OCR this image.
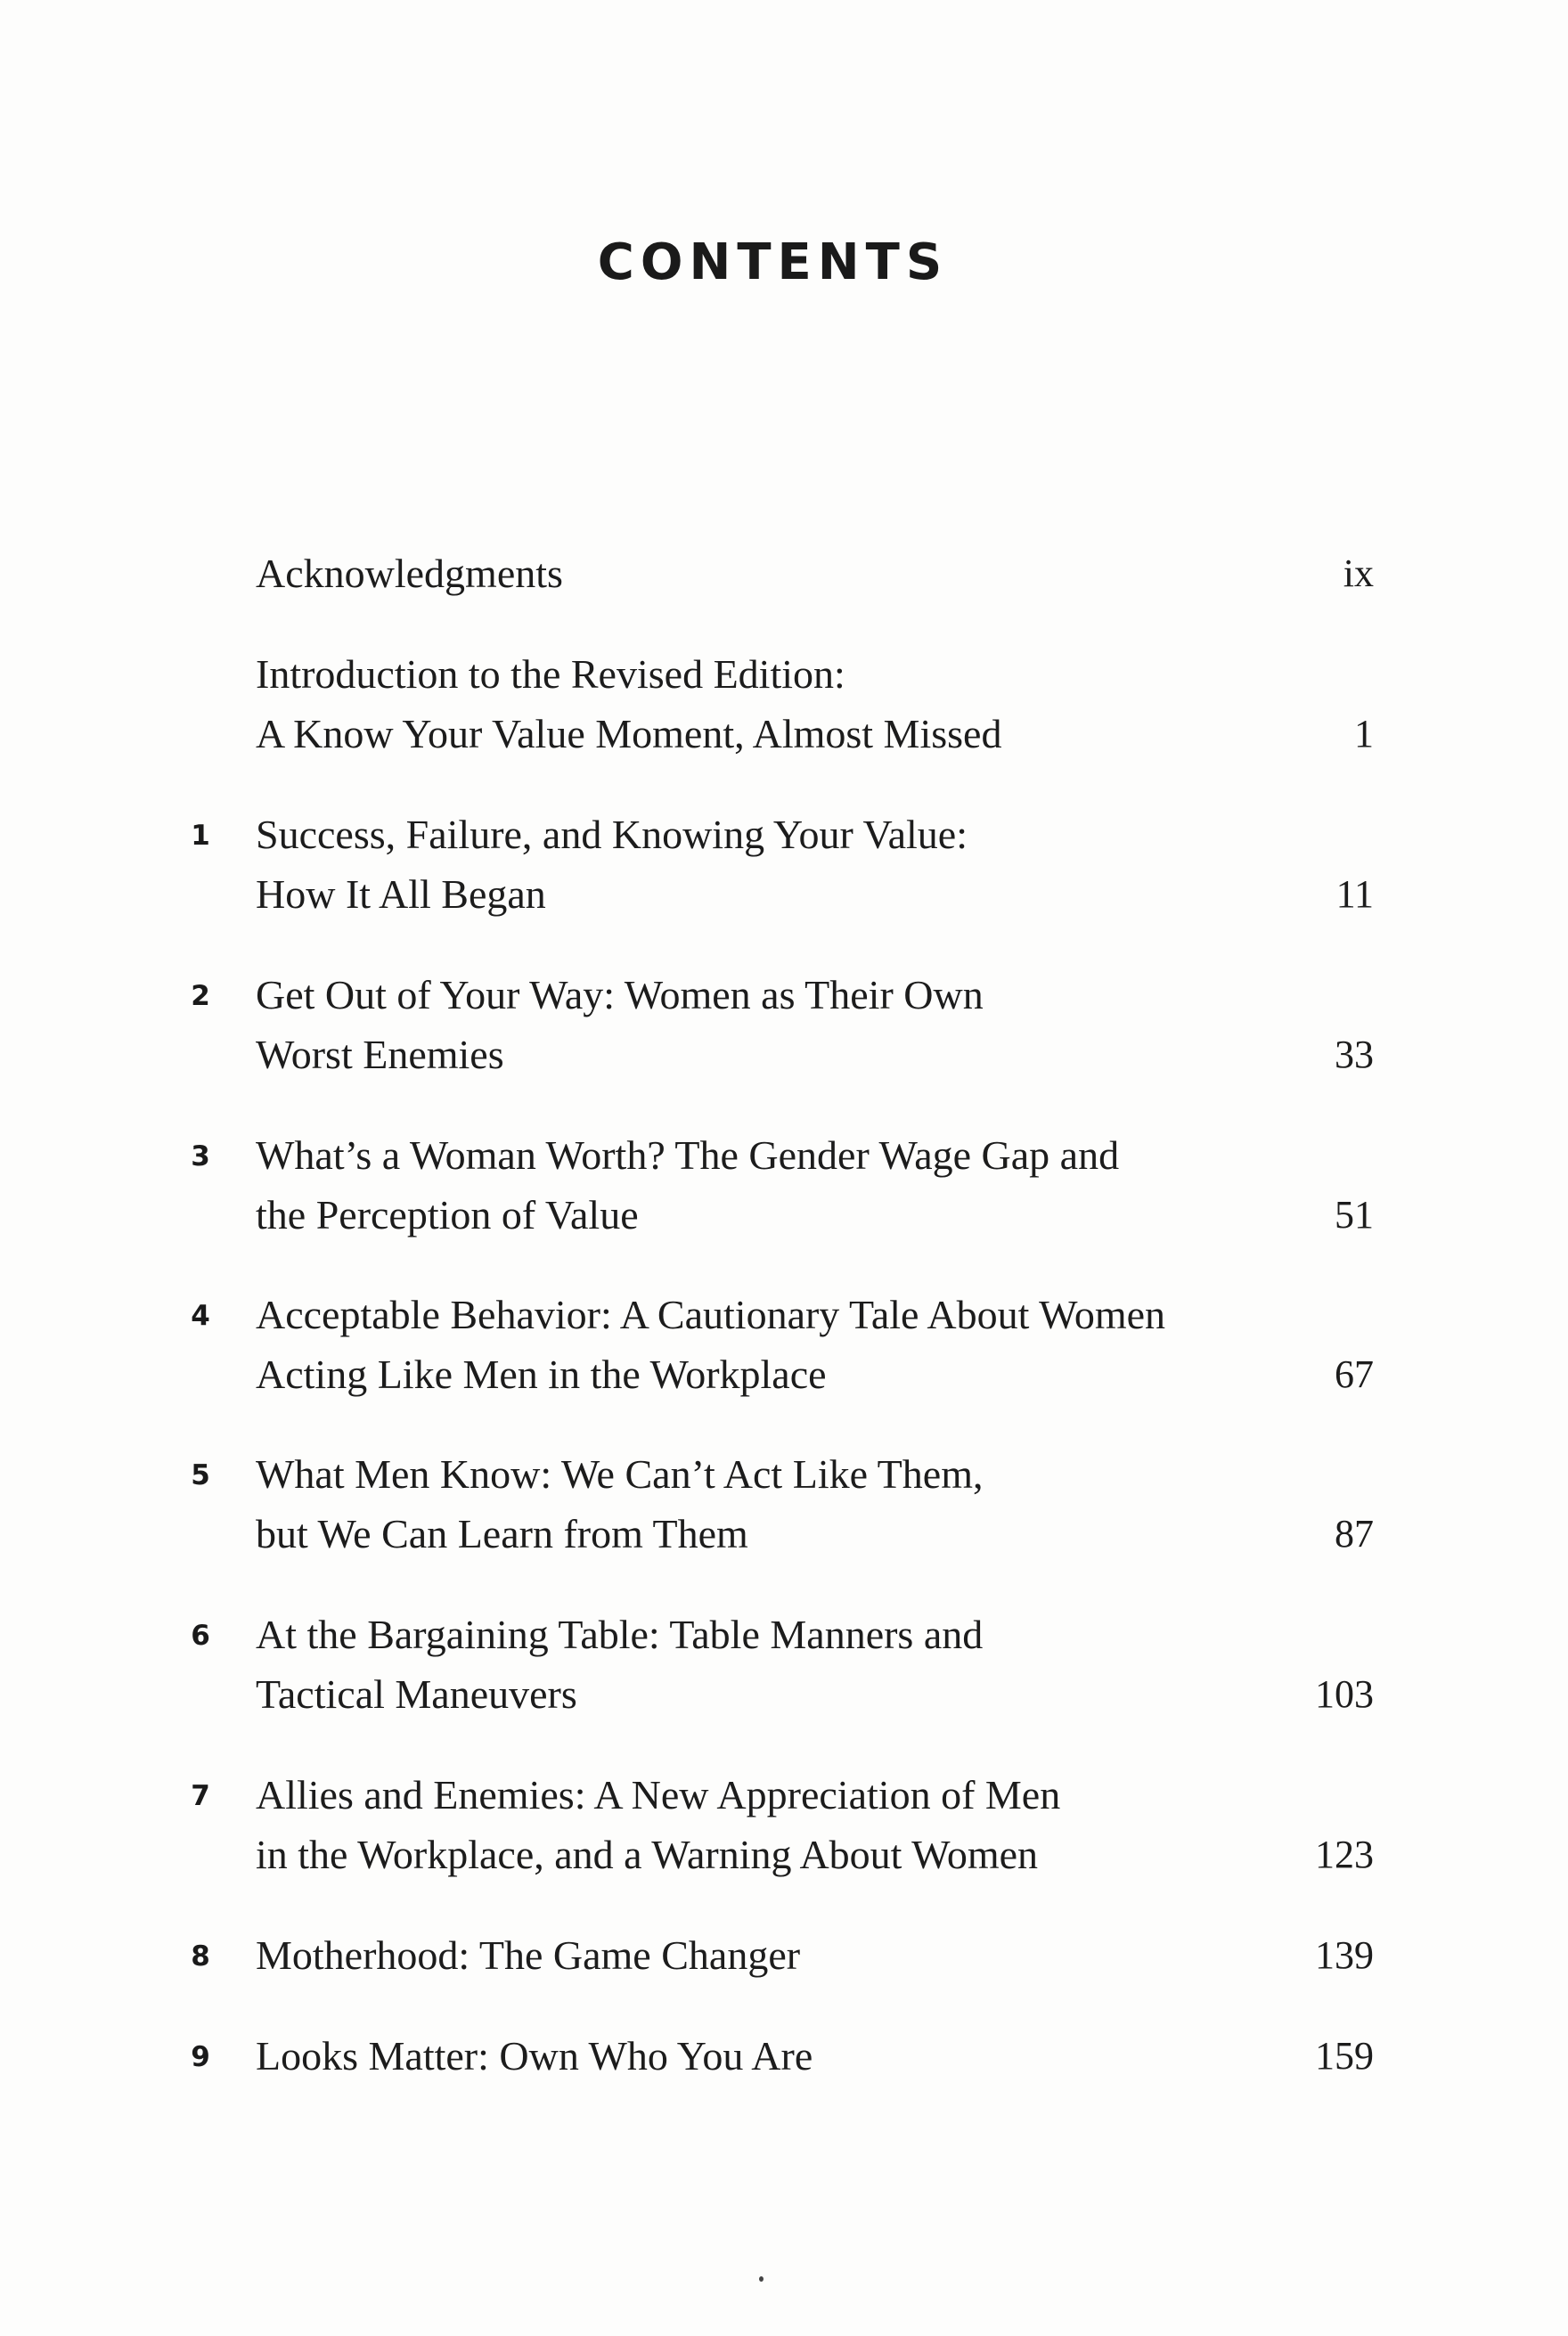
CONTENTS
Acknowledgments	ix
Introduction to the Revised Edition:
A Know Your Value Moment, Almost Missed	1
1 Success, Failure, and Knowing Your Value:
How It All Began	11
2 Get Out of Your Way: Women as Their Own
Worst Enemies	33
3 What’s a Woman Worth? The Gender Wage Gap and
the Perception of Value	51
4 Acceptable Behavior: A Cautionary Tale About Women
Acting Like Men in the Workplace	67
5 What Men Know: We Can’t Act Like Them,
but We Can Learn from Them	87
6 At the Bargaining Table: Table Manners and
Tactical Maneuvers	103
7 Allies and Enemies: A New Appreciation of Men
in the Workplace, and a Warning About Women	123
8 Motherhood: The Game Changer	139
9 Looks Matter: Own Who You Are	159
